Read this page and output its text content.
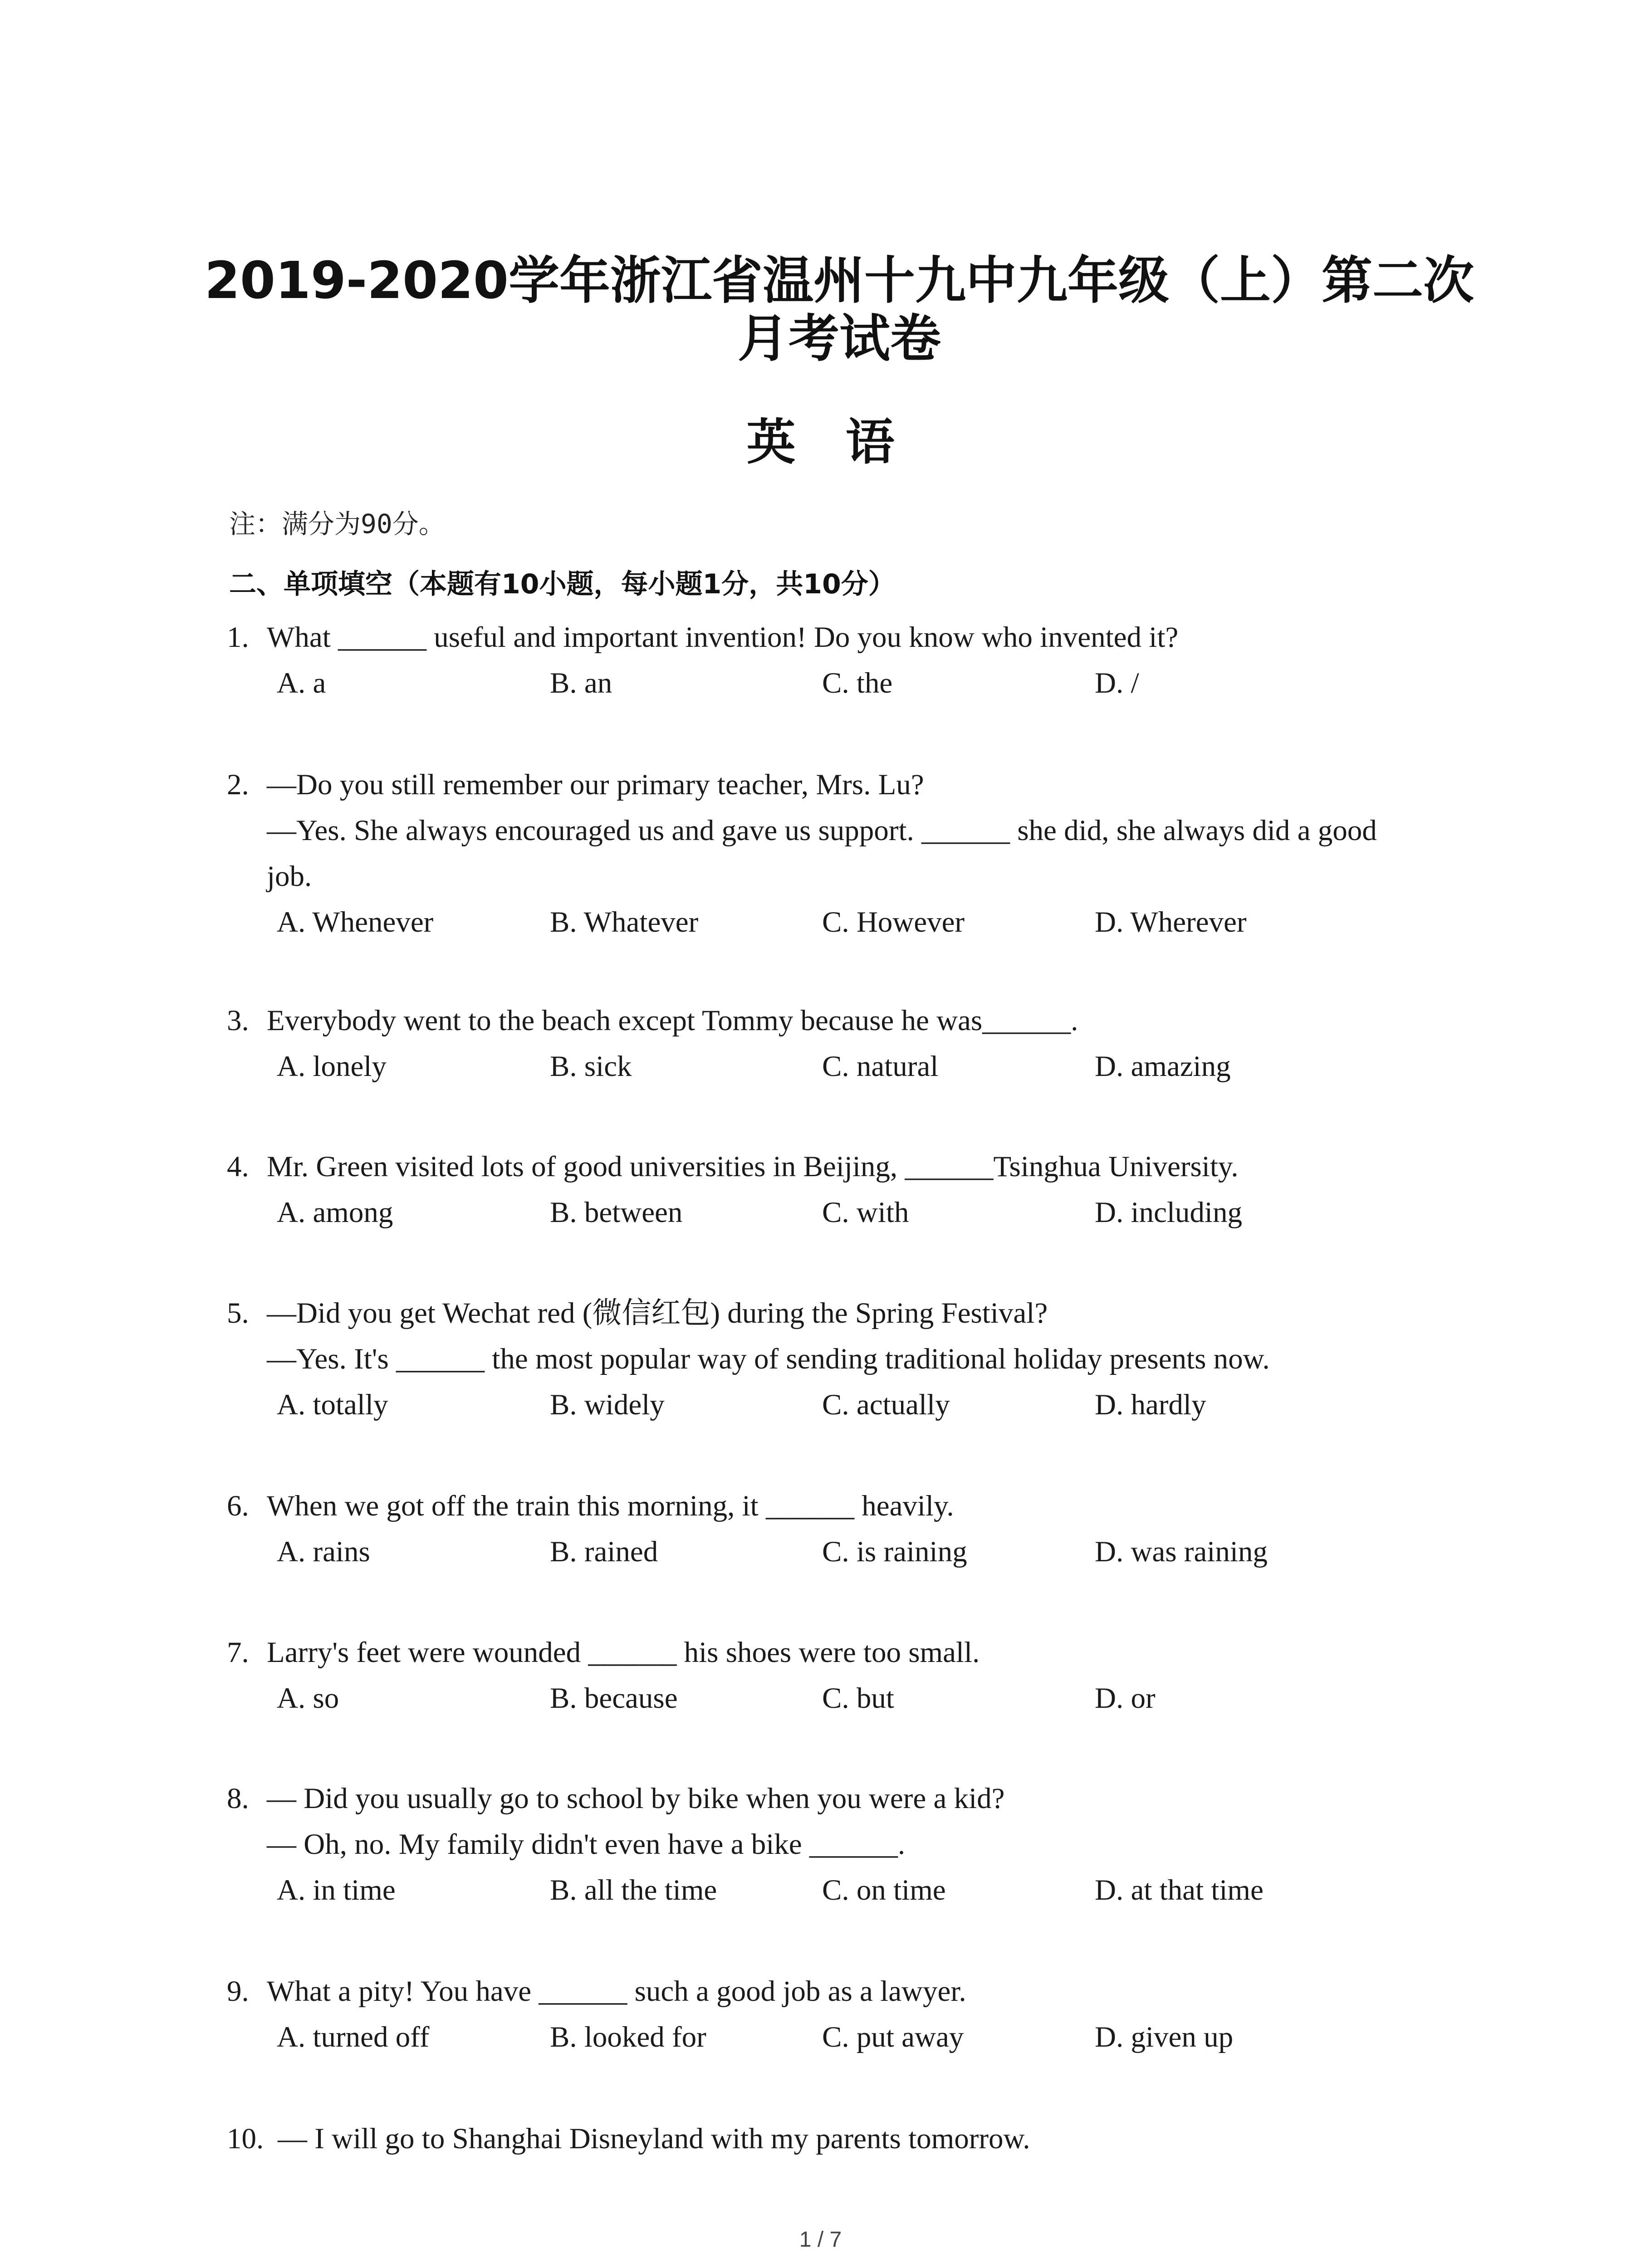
2019-2020学年浙江省温州十九中九年级（上）第二次月考试卷
英语
注：满分为90分。
二、单项填空（本题有10小题，每小题1分，共10分）
1. What ______ useful and important invention! Do you know who invented it?
A. a	B. an	C. the	D. /
2. —Do you still remember our primary teacher, Mrs. Lu?
—Yes. She always encouraged us and gave us support. ______ she did, she always did a good
job.
A. Whenever	B. Whatever	C. However	D. Wherever
3. Everybody went to the beach except Tommy because he was______.
A. lonely	B. sick	C. natural	D. amazing
4. Mr. Green visited lots of good universities in Beijing, ______Tsinghua University.
A. among	B. between	C. with	D. including
5. —Did you get Wechat red (微信红包) during the Spring Festival?
—Yes. It's ______ the most popular way of sending traditional holiday presents now.
A. totally	B. widely	C. actually	D. hardly
6. When we got off the train this morning, it ______ heavily.
A. rains	B. rained	C. is raining	D. was raining
7. Larry's feet were wounded ______ his shoes were too small.
A. so	B. because	C. but	D. or
8. — Did you usually go to school by bike when you were a kid?
— Oh, no. My family didn't even have a bike ______.
A. in time	B. all the time	C. on time	D. at that time
9. What a pity! You have ______ such a good job as a lawyer.
A. turned off	B. looked for	C. put away	D. given up
10. — I will go to Shanghai Disneyland with my parents tomorrow.
1 / 7
